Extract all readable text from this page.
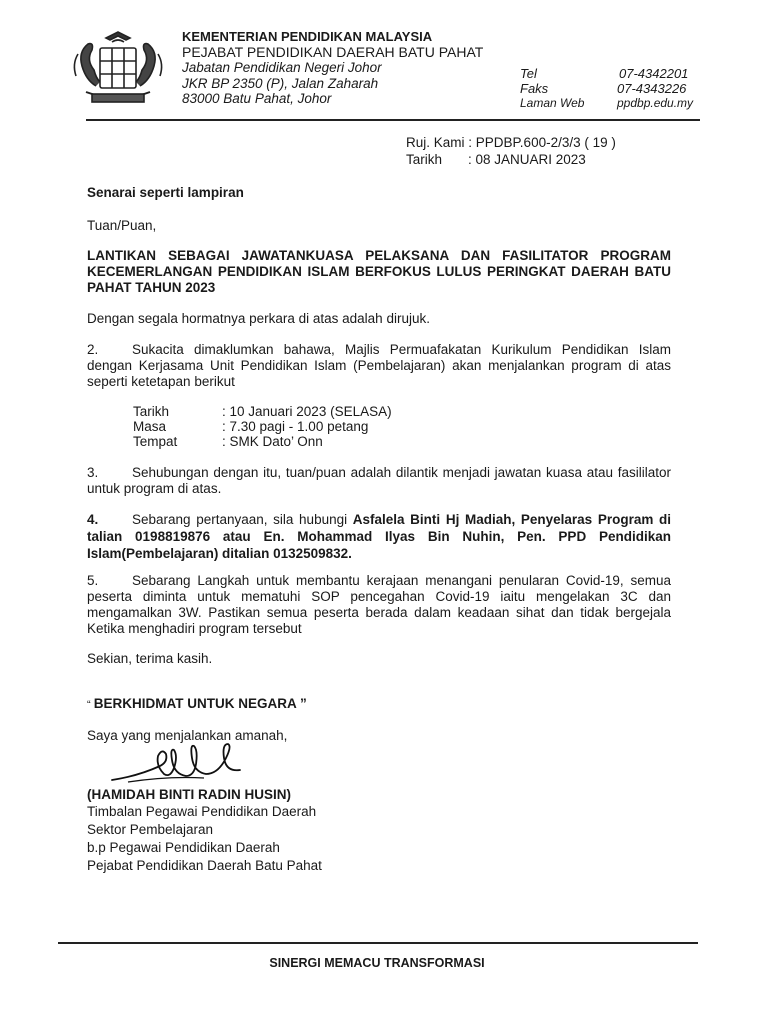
KEMENTERIAN PENDIDIKAN MALAYSIA
PEJABAT PENDIDIKAN DAERAH BATU PAHAT
Jabatan Pendidikan Negeri Johor
JKR BP 2350 (P), Jalan Zaharah
83000 Batu Pahat, Johor
Tel	07-4342201
Faks	07-4343226
Laman Web	ppdbp.edu.my
Ruj. Kami : PPDBP.600-2/3/3 ( 19 )
Tarikh : 08 JANUARI 2023
Senarai seperti lampiran
Tuan/Puan,
LANTIKAN SEBAGAI JAWATANKUASA PELAKSANA DAN FASILITATOR PROGRAM KECEMERLANGAN PENDIDIKAN ISLAM BERFOKUS LULUS PERINGKAT DAERAH BATU PAHAT TAHUN 2023
Dengan segala hormatnya perkara di atas adalah dirujuk.
2. Sukacita dimaklumkan bahawa, Majlis Permuafakatan Kurikulum Pendidikan Islam dengan Kerjasama Unit Pendidikan Islam (Pembelajaran) akan menjalankan program di atas seperti ketetapan berikut
Tarikh	: 10 Januari 2023 (SELASA)
Masa	: 7.30 pagi - 1.00 petang
Tempat	: SMK Dato’ Onn
3. Sehubungan dengan itu, tuan/puan adalah dilantik menjadi jawatan kuasa atau fasililator untuk program di atas.
4. Sebarang pertanyaan, sila hubungi Asfalela Binti Hj Madiah, Penyelaras Program di talian 0198819876 atau En. Mohammad Ilyas Bin Nuhin, Pen. PPD Pendidikan Islam(Pembelajaran) ditalian 0132509832.
5. Sebarang Langkah untuk membantu kerajaan menangani penularan Covid-19, semua peserta diminta untuk mematuhi SOP pencegahan Covid-19 iaitu mengelakan 3C dan mengamalkan 3W. Pastikan semua peserta berada dalam keadaan sihat dan tidak bergejala Ketika menghadiri program tersebut
Sekian, terima kasih.
“ BERKHIDMAT UNTUK NEGARA ”
Saya yang menjalankan amanah,
(HAMIDAH BINTI RADIN HUSIN)
Timbalan Pegawai Pendidikan Daerah
Sektor Pembelajaran
b.p Pegawai Pendidikan Daerah
Pejabat Pendidikan Daerah Batu Pahat
SINERGI MEMACU TRANSFORMASI
